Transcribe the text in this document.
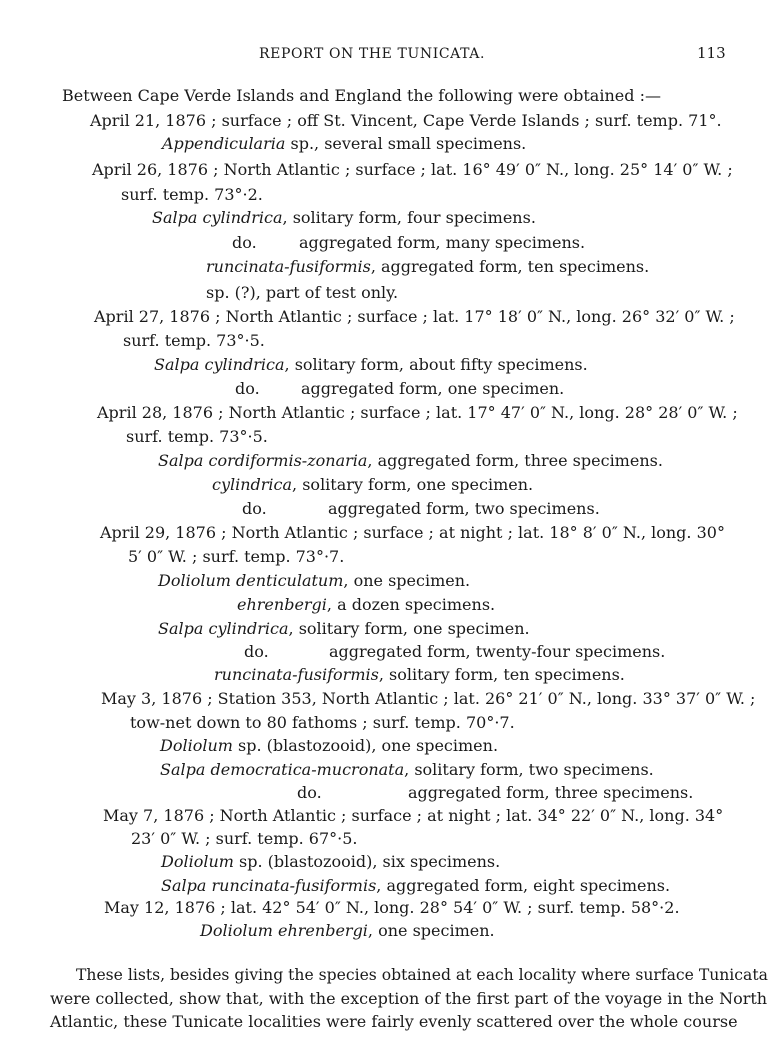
REPORT ON THE TUNICATA.	113
Between Cape Verde Islands and England the following were obtained :—
April 21, 1876 ; surface ; off St. Vincent, Cape Verde Islands ; surf. temp. 71°.
Appendicularia sp., several small specimens.
April 26, 1876 ; North Atlantic ; surface ; lat. 16° 49′ 0″ N., long. 25° 14′ 0″ W. ;
surf. temp. 73°·2.
Salpa cylindrica, solitary form, four specimens.
do.	aggregated form, many specimens.
runcinata-fusiformis, aggregated form, ten specimens.
sp. (?), part of test only.
April 27, 1876 ; North Atlantic ; surface ; lat. 17° 18′ 0″ N., long. 26° 32′ 0″ W. ;
surf. temp. 73°·5.
Salpa cylindrica, solitary form, about fifty specimens.
do.	aggregated form, one specimen.
April 28, 1876 ; North Atlantic ; surface ; lat. 17° 47′ 0″ N., long. 28° 28′ 0″ W. ;
surf. temp. 73°·5.
Salpa cordiformis-zonaria, aggregated form, three specimens.
cylindrica, solitary form, one specimen.
do.	aggregated form, two specimens.
April 29, 1876 ; North Atlantic ; surface ; at night ; lat. 18° 8′ 0″ N., long. 30°
5′ 0″ W. ; surf. temp. 73°·7.
Doliolum denticulatum, one specimen.
ehrenbergi, a dozen specimens.
Salpa cylindrica, solitary form, one specimen.
do.	aggregated form, twenty-four specimens.
runcinata-fusiformis, solitary form, ten specimens.
May 3, 1876 ; Station 353, North Atlantic ; lat. 26° 21′ 0″ N., long. 33° 37′ 0″ W. ;
tow-net down to 80 fathoms ; surf. temp. 70°·7.
Doliolum sp. (blastozooid), one specimen.
Salpa democratica-mucronata, solitary form, two specimens.
do.	aggregated form, three specimens.
May 7, 1876 ; North Atlantic ; surface ; at night ; lat. 34° 22′ 0″ N., long. 34°
23′ 0″ W. ; surf. temp. 67°·5.
Doliolum sp. (blastozooid), six specimens.
Salpa runcinata-fusiformis, aggregated form, eight specimens.
May 12, 1876 ; lat. 42° 54′ 0″ N., long. 28° 54′ 0″ W. ; surf. temp. 58°·2.
Doliolum ehrenbergi, one specimen.
These lists, besides giving the species obtained at each locality where surface Tunicata
were collected, show that, with the exception of the first part of the voyage in the North
Atlantic, these Tunicate localities were fairly evenly scattered over the whole course
